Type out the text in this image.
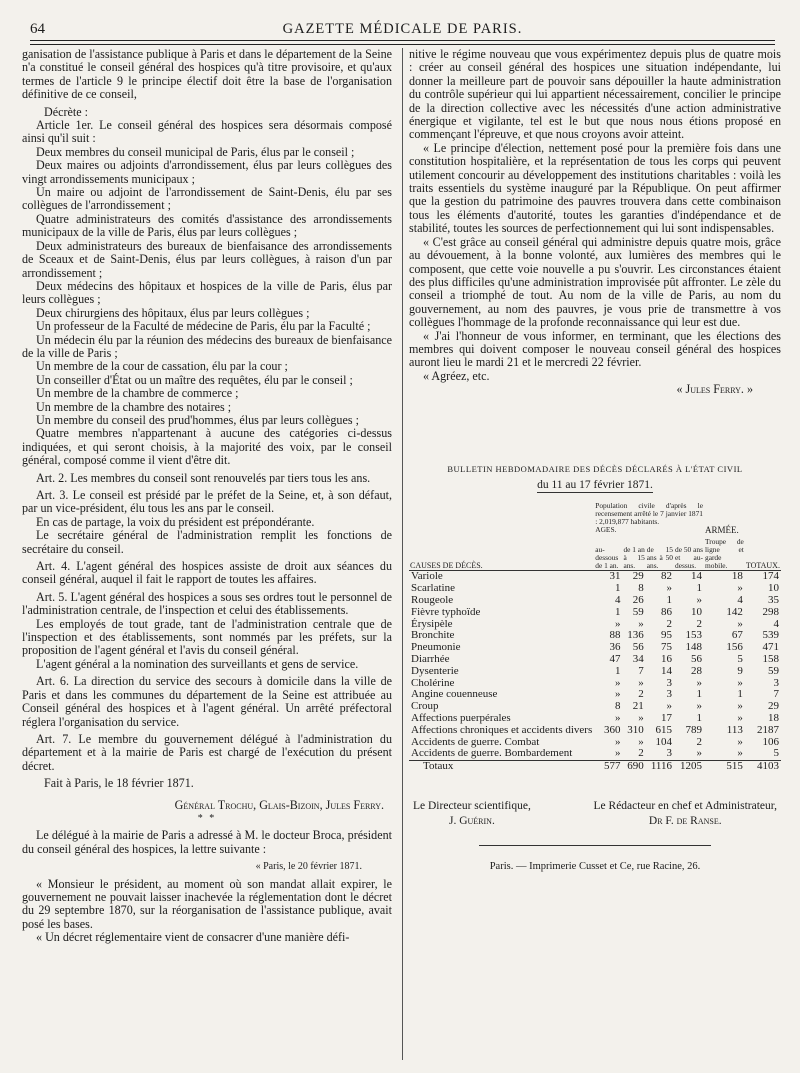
64	GAZETTE MÉDICALE DE PARIS.

ganisation de l'assistance publique à Paris et dans le département de la Seine n'a constitué le conseil général des hospices qu'à titre provisoire, et qu'aux termes de l'article 9 le principe électif doit être la base de l'organisation définitive de ce conseil,

Décrète :

Article 1er. Le conseil général des hospices sera désormais composé ainsi qu'il suit :

Deux membres du conseil municipal de Paris, élus par le conseil ;

Deux maires ou adjoints d'arrondissement, élus par leurs collègues des vingt arrondissements municipaux ;

Un maire ou adjoint de l'arrondissement de Saint-Denis, élu par ses collègues de l'arrondissement ;

Quatre administrateurs des comités d'assistance des arrondissements municipaux de la ville de Paris, élus par leurs collègues ;

Deux administrateurs des bureaux de bienfaisance des arrondissements de Sceaux et de Saint-Denis, élus par leurs collègues, à raison d'un par arrondissement ;

Deux médecins des hôpitaux et hospices de la ville de Paris, élus par leurs collègues ;

Deux chirurgiens des hôpitaux, élus par leurs collègues ;

Un professeur de la Faculté de médecine de Paris, élu par la Faculté ;

Un médecin élu par la réunion des médecins des bureaux de bienfaisance de la ville de Paris ;

Un membre de la cour de cassation, élu par la cour ;

Un conseiller d'État ou un maître des requêtes, élu par le conseil ;

Un membre de la chambre de commerce ;

Un membre de la chambre des notaires ;

Un membre du conseil des prud'hommes, élus par leurs collègues ;

Quatre membres n'appartenant à aucune des catégories ci-dessus indiquées, et qui seront choisis, à la majorité des voix, par le conseil général, composé comme il vient d'être dit.

Art. 2. Les membres du conseil sont renouvelés par tiers tous les ans.

Art. 3. Le conseil est présidé par le préfet de la Seine, et, à son défaut, par un vice-président, élu tous les ans par le conseil.

En cas de partage, la voix du président est prépondérante.

Le secrétaire général de l'administration remplit les fonctions de secrétaire du conseil.

Art. 4. L'agent général des hospices assiste de droit aux séances du conseil général, auquel il fait le rapport de toutes les affaires.

Art. 5. L'agent général des hospices a sous ses ordres tout le personnel de l'administration centrale, de l'inspection et celui des établissements.

Les employés de tout grade, tant de l'administration centrale que de l'inspection et des établissements, sont nommés par les préfets, sur la proposition de l'agent général et l'avis du conseil général.

L'agent général a la nomination des surveillants et gens de service.

Art. 6. La direction du service des secours à domicile dans la ville de Paris et dans les communes du département de la Seine est attribuée au Conseil général des hospices et à l'agent général. Un arrêté préfectoral réglera l'organisation du service.

Art. 7. Le membre du gouvernement délégué à l'administration du département et à la mairie de Paris est chargé de l'exécution du présent décret.

Fait à Paris, le 18 février 1871.

Général Trochu, Glais-Bizoin, Jules Ferry.

* *

Le délégué à la mairie de Paris a adressé à M. le docteur Broca, président du conseil général des hospices, la lettre suivante :

« Paris, le 20 février 1871.

« Monsieur le président, au moment où son mandat allait expirer, le gouvernement ne pouvait laisser inachevée la réglementation dont le décret du 29 septembre 1870, sur la réorganisation de l'assistance publique, avait posé les bases.

« Un décret réglementaire vient de consacrer d'une manière défi-

nitive le régime nouveau que vous expérimentez depuis plus de quatre mois : créer au conseil général des hospices une situation indépendante, lui donner la meilleure part de pouvoir sans dépouiller la haute administration du contrôle supérieur qui lui appartient nécessairement, concilier le principe de la direction collective avec les nécessités d'une action administrative énergique et vigilante, tel est le but que nous nous étions proposé en commençant l'épreuve, et que nous croyons avoir atteint.

« Le principe d'élection, nettement posé pour la première fois dans une constitution hospitalière, et la représentation de tous les corps qui peuvent utilement concourir au développement des institutions charitables : voilà les traits essentiels du système inauguré par la République. On peut affirmer que la gestion du patrimoine des pauvres trouvera dans cette combinaison tous les éléments d'autorité, toutes les garanties d'indépendance et de stabilité, toutes les sources de perfectionnement qui lui sont indispensables.

« C'est grâce au conseil général qui administre depuis quatre mois, grâce au dévouement, à la bonne volonté, aux lumières des membres qui le composent, que cette voie nouvelle a pu s'ouvrir. Les circonstances étaient des plus difficiles qu'une administration improvisée pût affronter. Le zèle du conseil a triomphé de tout. Au nom de la ville de Paris, au nom du gouvernement, au nom des pauvres, je vous prie de transmettre à vos collègues l'hommage de la profonde reconnaissance qui leur est due.

« J'ai l'honneur de vous informer, en terminant, que les élections des membres qui doivent composer le nouveau conseil général des hospices auront lieu le mardi 21 et le mercredi 22 février.

« Agréez, etc.

« Jules Ferry. »

BULLETIN HEBDOMADAIRE DES DÉCÈS DÉCLARÉS À L'ÉTAT CIVIL

du 11 au 17 février 1871.

CAUSES DE DÉCÈS.	Population civile d'après le recensement arrêté le 7 janvier 1871 : 2,019,877 habitants.
AGES.				ARMÉE.	TOTAUX.

	au-dessous de 1 an.	de 1 an à 15 ans.	de 15 ans à 50 ans.	de 50 ans et au-dessus.	Troupe de ligne et garde mobile.	
Variole	31	29	82	14	18	174
Scarlatine	1	8	»	1	»	10
Rougeole	4	26	1	»	4	35
Fièvre typhoïde	1	59	86	10	142	298
Érysipèle	»	»	2	2	»	4
Bronchite	88	136	95	153	67	539
Pneumonie	36	56	75	148	156	471
Diarrhée	47	34	16	56	5	158
Dysenterie	1	7	14	28	9	59
Cholérine	»	»	3	»	»	3
Angine couenneuse	»	2	3	1	1	7
Croup	8	21	»	»	»	29
Affections puerpérales	»	»	17	1	»	18
Affections chroniques et accidents divers	360	310	615	789	113	2187
Accidents de guerre. Combat	»	»	104	2	»	106
Accidents de guerre. Bombardement	»	2	3	»	»	5
Totaux	577	690	1116	1205	515	4103
Le Directeur scientifique,
J. Guérin.
Le Rédacteur en chef et Administrateur,
Dr F. de Ranse.

Paris. — Imprimerie Cusset et Ce, rue Racine, 26.
